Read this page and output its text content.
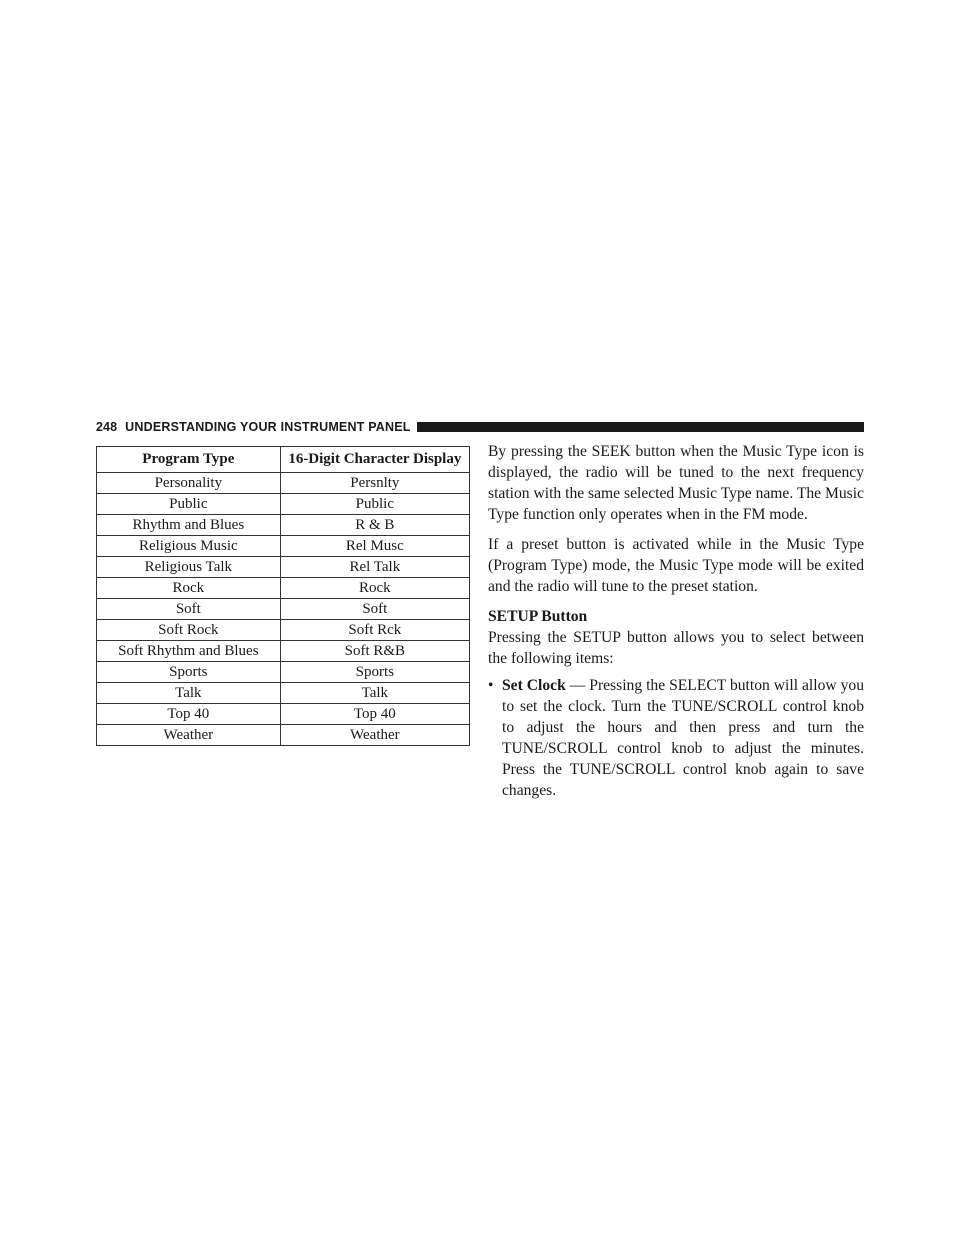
248 UNDERSTANDING YOUR INSTRUMENT PANEL
Program Type	16-Digit Character Display
Personality	Persnlty
Public	Public
Rhythm and Blues	R & B
Religious Music	Rel Musc
Religious Talk	Rel Talk
Rock	Rock
Soft	Soft
Soft Rock	Soft Rck
Soft Rhythm and Blues	Soft R&B
Sports	Sports
Talk	Talk
Top 40	Top 40
Weather	Weather

By pressing the SEEK button when the Music Type icon is displayed, the radio will be tuned to the next frequency station with the same selected Music Type name. The Music Type function only operates when in the FM mode.

If a preset button is activated while in the Music Type (Program Type) mode, the Music Type mode will be exited and the radio will tune to the preset station.

SETUP Button

Pressing the SETUP button allows you to select between the following items:

• Set Clock — Pressing the SELECT button will allow you to set the clock. Turn the TUNE/SCROLL control knob to adjust the hours and then press and turn the TUNE/SCROLL control knob to adjust the minutes. Press the TUNE/SCROLL control knob again to save changes.
